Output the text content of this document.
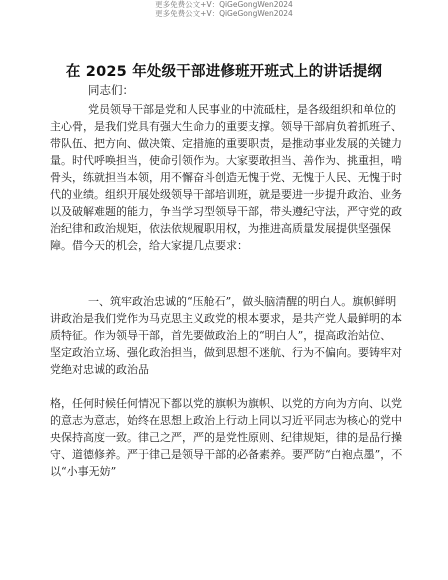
更多免费公文+V：QiGeGongWen2024
更多免费公文+V：QiGeGongWen2024
在 2025 年处级干部进修班开班式上的讲话提纲
同志们：
党员领导干部是党和人民事业的中流砥柱，是各级组织和单位的主心骨，是我们党具有强大生命力的重要支撑。领导干部肩负着抓班子、带队伍、把方向、做决策、定措施的重要职责，是推动事业发展的关键力量。时代呼唤担当，使命引领作为。大家要敢担当、善作为、挑重担，啃骨头，练就担当本领，用不懈奋斗创造无愧于党、无愧于人民、无愧于时代的业绩。组织开展处级领导干部培训班，就是要进一步提升政治、业务以及破解难题的能力，争当学习型领导干部，带头遵纪守法，严守党的政治纪律和政治规矩，依法依规履职用权，为推进高质量发展提供坚强保障。借今天的机会，给大家提几点要求：
一、筑牢政治忠诚的“压舱石”，做头脑清醒的明白人。旗帜鲜明讲政治是我们党作为马克思主义政党的根本要求，是共产党人最鲜明的本质特征。作为领导干部，首先要做政治上的“明白人”，提高政治站位、坚定政治立场、强化政治担当，做到思想不迷航、行为不偏向。要铸牢对党绝对忠诚的政治品
格，任何时候任何情况下都以党的旗帜为旗帜、以党的方向为方向、以党的意志为意志，始终在思想上政治上行动上同以习近平同志为核心的党中央保持高度一致。律己之严，严的是党性原则、纪律规矩，律的是品行操守、道德修养。严于律己是领导干部的必备素养。要严防“白袍点墨”，不以“小事无妨”
